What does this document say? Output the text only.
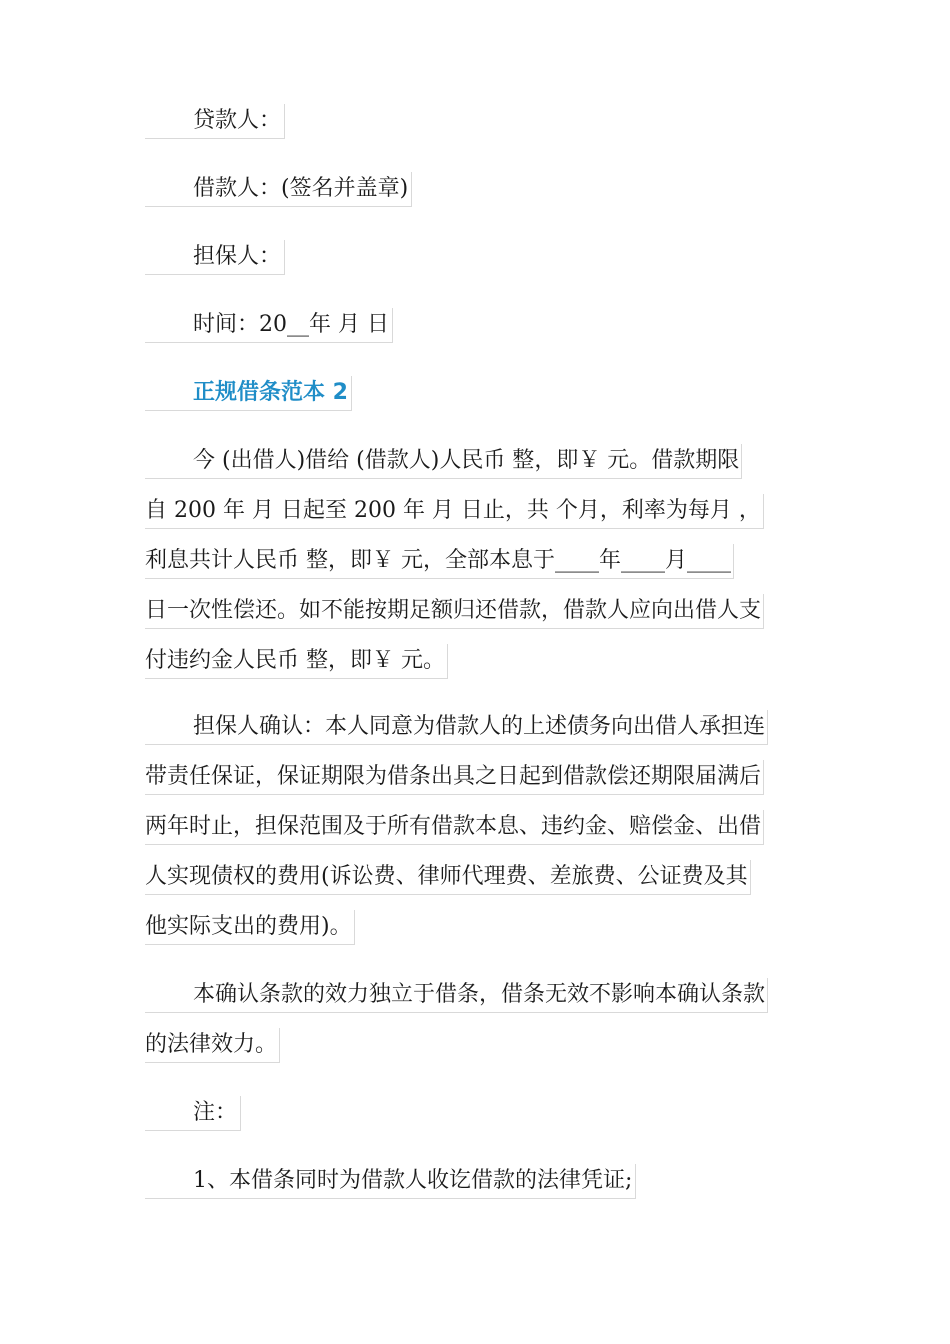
贷款人：
借款人：(签名并盖章)
担保人：
时间：20__年 月 日
正规借条范本 2
今 (出借人)借给 (借款人)人民币 整，即￥ 元。借款期限
自 200 年 月 日起至 200 年 月 日止，共 个月，利率为每月 ，
利息共计人民币 整，即￥ 元，全部本息于____年____月____
日一次性偿还。如不能按期足额归还借款，借款人应向出借人支
付违约金人民币 整，即￥ 元。
担保人确认：本人同意为借款人的上述债务向出借人承担连
带责任保证，保证期限为借条出具之日起到借款偿还期限届满后
两年时止，担保范围及于所有借款本息、违约金、赔偿金、出借
人实现债权的费用(诉讼费、律师代理费、差旅费、公证费及其
他实际支出的费用)。
本确认条款的效力独立于借条，借条无效不影响本确认条款
的法律效力。
注：
1、本借条同时为借款人收讫借款的法律凭证;
